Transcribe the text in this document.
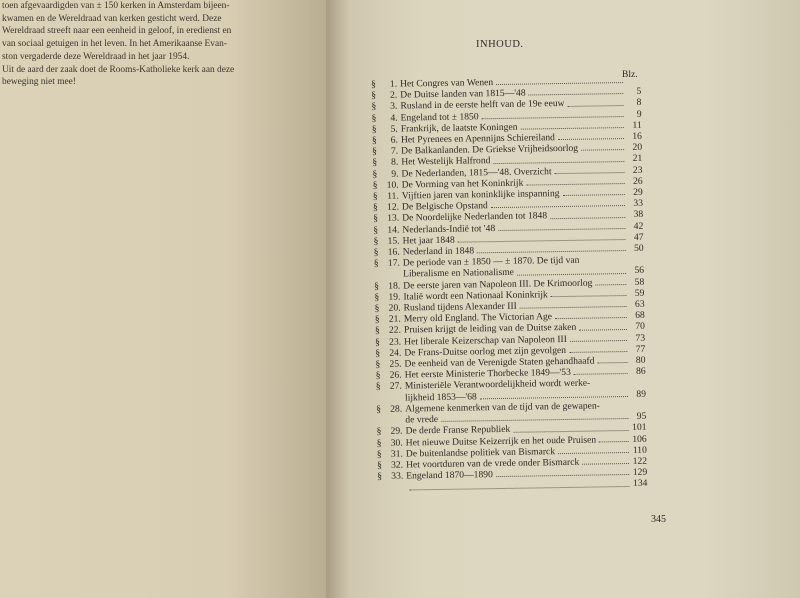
toen afgevaardigden van ± 150 kerken in Amsterdam bijeen-

kwamen en de Wereldraad van kerken gesticht werd. Deze

Wereldraad streeft naar een eenheid in geloof, in eredienst en

van sociaal getuigen in het leven. In het Amerikaanse Evan-

ston vergaderde deze Wereldraad in het jaar 1954.

Uit de aard der zaak doet de Rooms-Katholieke kerk aan deze

beweging niet mee!

INHOUD.
Blz.
§	1. Het Congres van Wenen
§	2. De Duitse landen van 1815—'48	5
§	3. Rusland in de eerste helft van de 19e eeuw	8
§	4. Engeland tot ± 1850	9
§	5. Frankrijk, de laatste Koningen	11
§	6. Het Pyrenees en Apennijns Schiereiland	16
§	7. De Balkanlanden. De Griekse Vrijheidsoorlog	20
§	8. Het Westelijk Halfrond	21
§	9. De Nederlanden, 1815—'48. Overzicht	23
§ 10. De Vorming van het Koninkrijk	26
§ 11. Vijftien jaren van koninklijke inspanning	29
§ 12. De Belgische Opstand	33
§ 13. De Noordelijke Nederlanden tot 1848	38
§ 14. Nederlands-Indië tot '48	42
§ 15. Het jaar 1848	47
§ 16. Nederland in 1848	50
§ 17. De periode van ± 1850 — ± 1870. De tijd van
Liberalisme en Nationalisme	56
§ 18. De eerste jaren van Napoleon III. De Krimoorlog	58
§ 19. Italië wordt een Nationaal Koninkrijk	59
§ 20. Rusland tijdens Alexander III	63
§ 21. Merry old England. The Victorian Age	68
§ 22. Pruisen krijgt de leiding van de Duitse zaken	70
§ 23. Het liberale Keizerschap van Napoleon III	73
§ 24. De Frans-Duitse oorlog met zijn gevolgen	77
§ 25. De eenheid van de Verenigde Staten gehandhaafd	80
§ 26. Het eerste Ministerie Thorbecke 1849—'53	86
§ 27. Ministeriële Verantwoordelijkheid wordt werke-
lijkheid 1853—'68	89
§ 28. Algemene kenmerken van de tijd van de gewapen-
de vrede	95
§ 29. De derde Franse Republiek	101
§ 30. Het nieuwe Duitse Keizerrijk en het oude Pruisen	106
§ 31. De buitenlandse politiek van Bismarck	110
§ 32. Het voortduren van de vrede onder Bismarck	122
§ 33. Engeland 1870—1890	129
134
345
